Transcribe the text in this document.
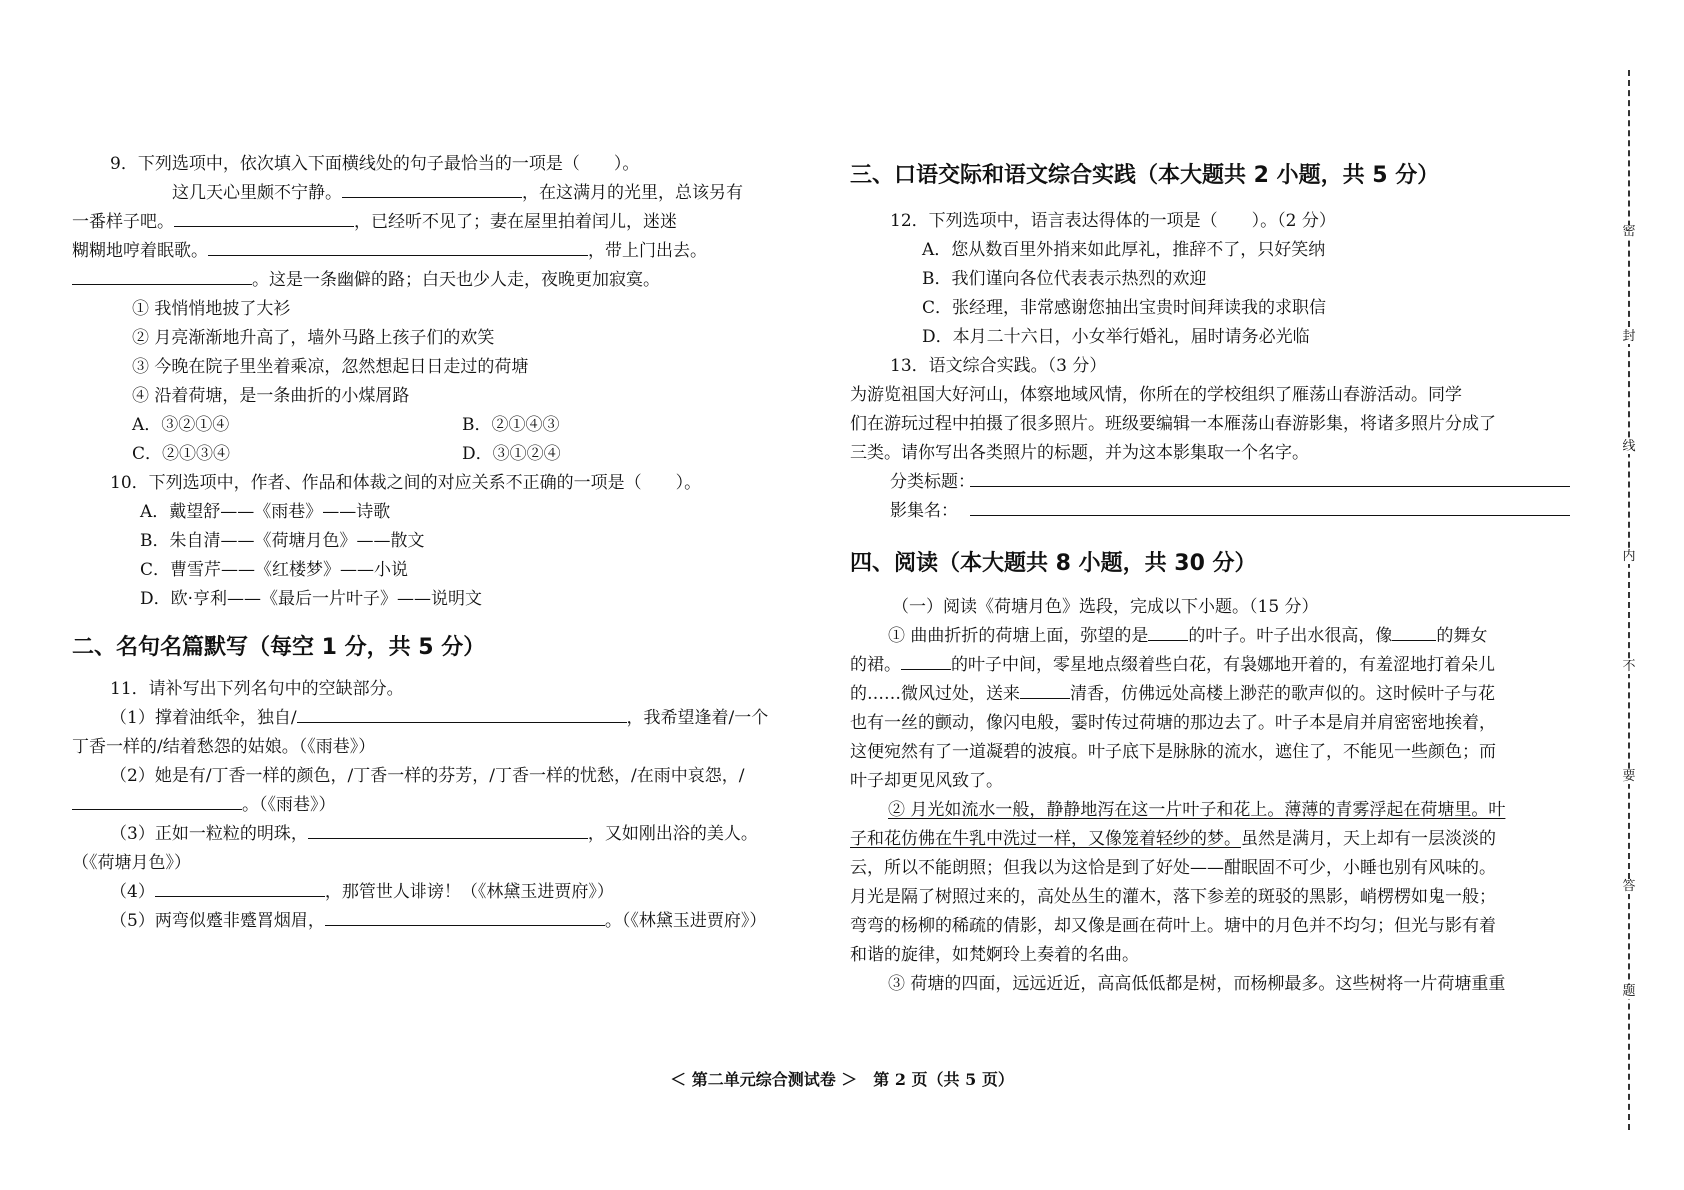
9．下列选项中，依次填入下面横线处的句子最恰当的一项是（　　）。

这几天心里颇不宁静。	，在这满月的光里，总该另有

一番样子吧。	，已经听不见了；妻在屋里拍着闰儿，迷迷

糊糊地哼着眠歌。	，带上门出去。

。这是一条幽僻的路；白天也少人走，夜晚更加寂寞。

① 我悄悄地披了大衫

② 月亮渐渐地升高了，墙外马路上孩子们的欢笑

③ 今晚在院子里坐着乘凉，忽然想起日日走过的荷塘

④ 沿着荷塘，是一条曲折的小煤屑路

A．③②①④	B．②①④③
C．②①③④	D．③①②④

10．下列选项中，作者、作品和体裁之间的对应关系不正确的一项是（　　）。

A．戴望舒——《雨巷》——诗歌

B．朱自清——《荷塘月色》——散文

C．曹雪芹——《红楼梦》——小说

D．欧·亨利——《最后一片叶子》——说明文

二、名句名篇默写（每空 1 分，共 5 分）

11．请补写出下列名句中的空缺部分。

（1）撑着油纸伞，独自/	，我希望逢着/一个

丁香一样的/结着愁怨的姑娘。（《雨巷》）

（2）她是有/丁香一样的颜色，/丁香一样的芬芳，/丁香一样的忧愁，/在雨中哀怨，/

。（《雨巷》）

（3）正如一粒粒的明珠，	，又如刚出浴的美人。

（《荷塘月色》）

（4）	，那管世人诽谤！（《林黛玉进贾府》）

（5）两弯似蹙非蹙罥烟眉，	。（《林黛玉进贾府》）

三、口语交际和语文综合实践（本大题共 2 小题，共 5 分）

12．下列选项中，语言表达得体的一项是（　　）。（2 分）

A．您从数百里外捎来如此厚礼，推辞不了，只好笑纳

B．我们谨向各位代表表示热烈的欢迎

C．张经理，非常感谢您抽出宝贵时间拜读我的求职信

D．本月二十六日，小女举行婚礼，届时请务必光临

13．语文综合实践。（3 分）

为游览祖国大好河山，体察地域风情，你所在的学校组织了雁荡山春游活动。同学

们在游玩过程中拍摄了很多照片。班级要编辑一本雁荡山春游影集，将诸多照片分成了

三类。请你写出各类照片的标题，并为这本影集取一个名字。

分类标题：

影集名：

四、阅读（本大题共 8 小题，共 30 分）

（一）阅读《荷塘月色》选段，完成以下小题。（15 分）

① 曲曲折折的荷塘上面，弥望的是 的叶子。叶子出水很高，像	的舞女

的裙。	的叶子中间，零星地点缀着些白花，有袅娜地开着的，有羞涩地打着朵儿

的……微风过处，送来	清香，仿佛远处高楼上渺茫的歌声似的。这时候叶子与花

也有一丝的颤动，像闪电般，霎时传过荷塘的那边去了。叶子本是肩并肩密密地挨着，

这便宛然有了一道凝碧的波痕。叶子底下是脉脉的流水，遮住了，不能见一些颜色；而

叶子却更见风致了。

② 月光如流水一般，静静地泻在这一片叶子和花上。薄薄的青雾浮起在荷塘里。叶

子和花仿佛在牛乳中洗过一样，又像笼着轻纱的梦。虽然是满月，天上却有一层淡淡的

云，所以不能朗照；但我以为这恰是到了好处——酣眠固不可少，小睡也别有风味的。

月光是隔了树照过来的，高处丛生的灌木，落下参差的斑驳的黑影，峭楞楞如鬼一般；

弯弯的杨柳的稀疏的倩影，却又像是画在荷叶上。塘中的月色并不均匀；但光与影有着

和谐的旋律，如梵婀玲上奏着的名曲。

③ 荷塘的四面，远远近近，高高低低都是树，而杨柳最多。这些树将一片荷塘重重

＜ 第二单元综合测试卷 ＞　第 2 页（共 5 页）
密
封
线
内
不
要
答
题
